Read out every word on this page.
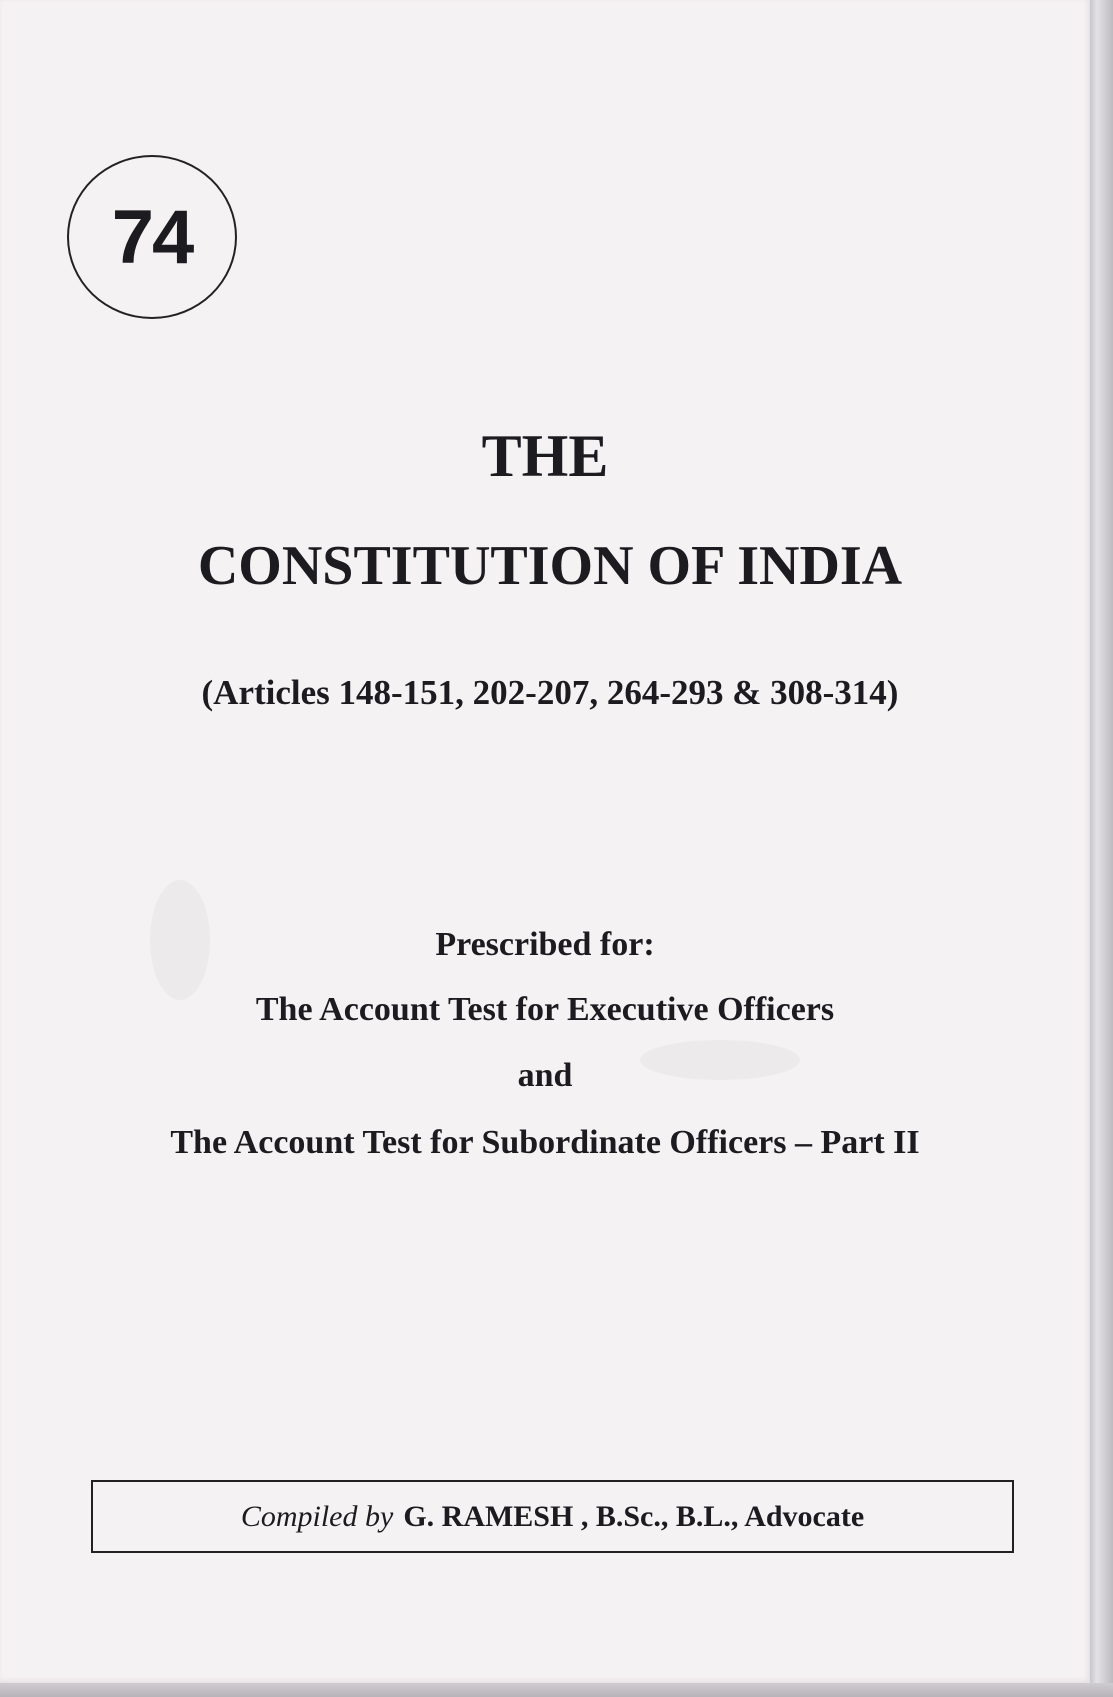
74
THE
CONSTITUTION OF INDIA
(Articles 148-151, 202-207, 264-293 & 308-314)
Prescribed for:
The Account Test for Executive Officers
and
The Account Test for Subordinate Officers – Part II
Compiled by G. RAMESH , B.Sc., B.L., Advocate
